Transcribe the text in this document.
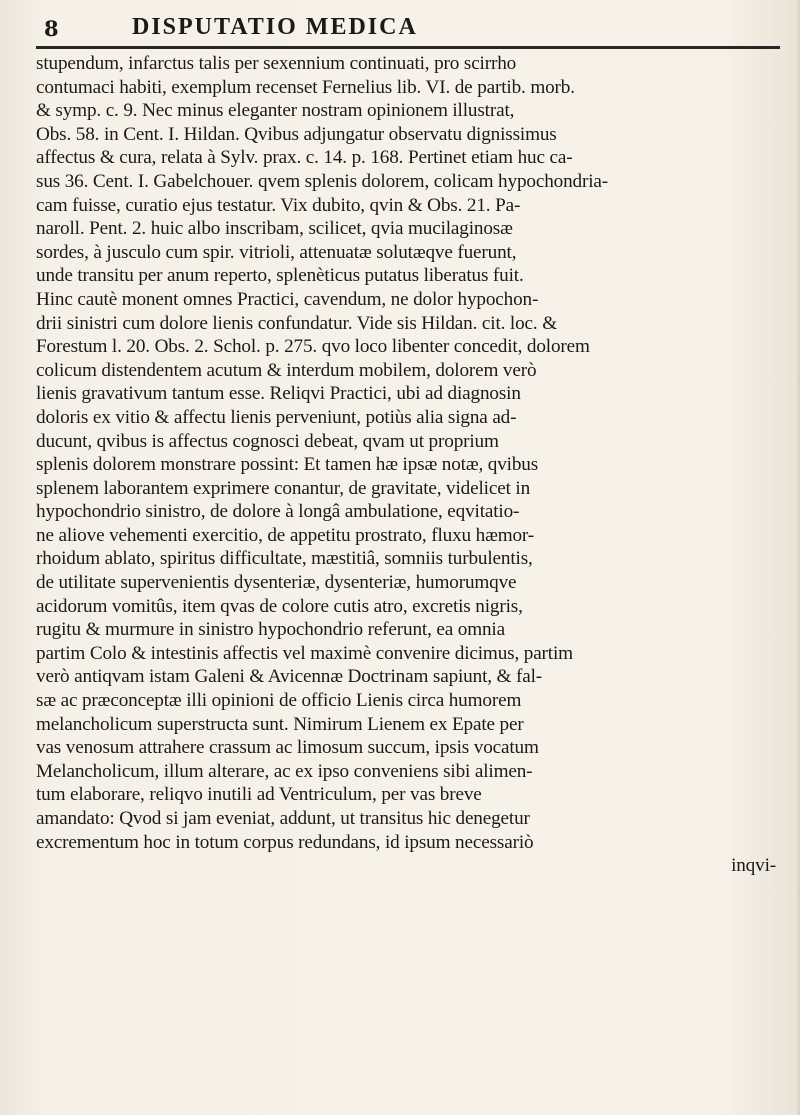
8	DISPUTATIO MEDICA
stupendum, infarctus talis per sexennium continuati, pro scirrho
contumaci habiti, exemplum recenset Fernelius lib. VI. de partib. morb.
& symp. c. 9. Nec minus eleganter nostram opinionem illustrat,
Obs. 58. in Cent. I. Hildan. Qvibus adjungatur observatu dignissimus
affectus & cura, relata à Sylv. prax. c. 14. p. 168. Pertinet etiam huc ca-
sus 36. Cent. I. Gabelchouer. qvem splenis dolorem, colicam hypochondria-
cam fuisse, curatio ejus testatur. Vix dubito, qvin & Obs. 21. Pa-
naroll. Pent. 2. huic albo inscribam, scilicet, qvia mucilaginosæ
sordes, à jusculo cum spir. vitrioli, attenuatæ solutæqve fuerunt,
unde transitu per anum reperto, splenèticus putatus liberatus fuit.
Hinc cautè monent omnes Practici, cavendum, ne dolor hypochon-
drii sinistri cum dolore lienis confundatur. Vide sis Hildan. cit. loc. &
Forestum l. 20. Obs. 2. Schol. p. 275. qvo loco libenter concedit, dolorem
colicum distendentem acutum & interdum mobilem, dolorem verò
lienis gravativum tantum esse. Reliqvi Practici, ubi ad diagnosin
doloris ex vitio & affectu lienis perveniunt, potiùs alia signa ad-
ducunt, qvibus is affectus cognosci debeat, qvam ut proprium
splenis dolorem monstrare possint: Et tamen hæ ipsæ notæ, qvibus
splenem laborantem exprimere conantur, de gravitate, videlicet in
hypochondrio sinistro, de dolore à longâ ambulatione, eqvitatio-
ne aliove vehementi exercitio, de appetitu prostrato, fluxu hæmor-
rhoidum ablato, spiritus difficultate, mæstitiâ, somniis turbulentis,
de utilitate supervenientis dysenteriæ, dysenteriæ, humorumqve
acidorum vomitûs, item qvas de colore cutis atro, excretis nigris,
rugitu & murmure in sinistro hypochondrio referunt, ea omnia
partim Colo & intestinis affectis vel maximè convenire dicimus, partim
verò antiqvam istam Galeni & Avicennæ Doctrinam sapiunt, & fal-
sæ ac præconceptæ illi opinioni de officio Lienis circa humorem
melancholicum superstructa sunt. Nimirum Lienem ex Epate per
vas venosum attrahere crassum ac limosum succum, ipsis vocatum
Melancholicum, illum alterare, ac ex ipso conveniens sibi alimen-
tum elaborare, reliqvo inutili ad Ventriculum, per vas breve
amandato: Qvod si jam eveniat, addunt, ut transitus hic denegetur
excrementum hoc in totum corpus redundans, id ipsum necessariò
inqvi-
